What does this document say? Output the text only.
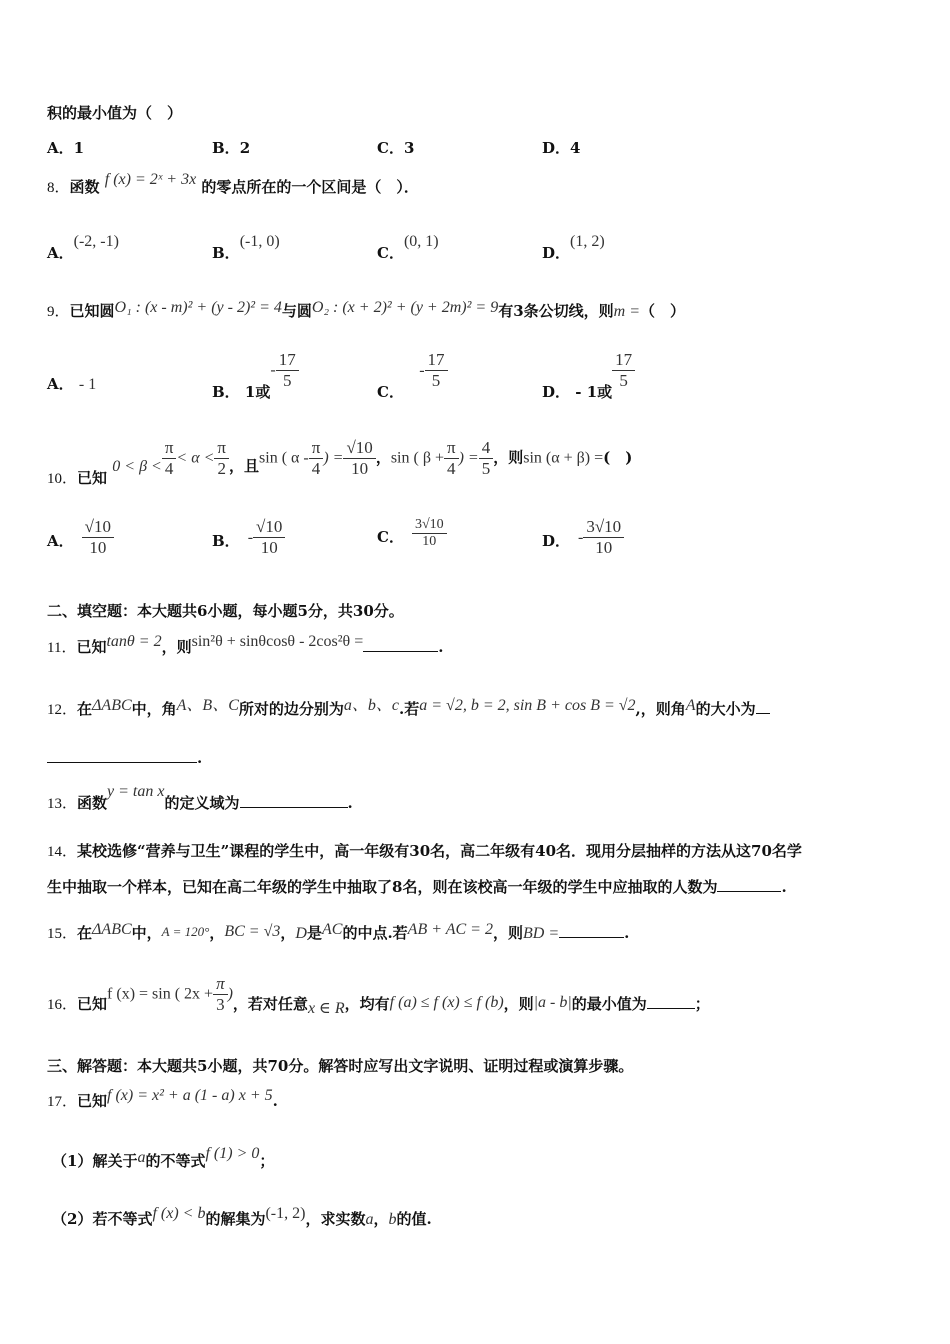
积的最小值为（　）
A．1	B．2	C．3	D．4
8．函数 f (x) = 2ˣ + 3x 的零点所在的一个区间是（　）．
A．(-2, -1)
B．(-1, 0)
C．(0, 1)
D．(1, 2)
9．已知圆O₁ : (x - m)² + (y - 2)² = 4与圆O₂ : (x + 2)² + (y + 2m)² = 9有3条公切线，则m =（　）
A． - 1	B． 1或- $\frac{17}{5}$
C． - $\frac{17}{5}$
D． - 1或
$\frac{17}{5}$
10．已知 $0 < \beta < \frac{\pi}{4} < \alpha < \frac{\pi}{2}$ ，且sin ( α - $\frac{\pi}{4}$ ) = $\frac{√10}{10}$ ，sin ( $\beta + \frac{\pi}{4}$ ) = $\frac{4}{5}$ ，则sin (α + β) =(　)
A． $\frac{√10}{10}$	B． - $\frac{√10}{10}$	C． $\frac{3√10}{10}$	D． - $\frac{3√10}{10}$
二、填空题：本大题共6小题，每小题5分，共30分。
11．已知tanθ = 2，则sin²θ + sinθcosθ - 2cos²θ =	.
12．在ΔABC中，角A、B、C所对的边分别为a、b、c.若a = √2, b = 2, sin B + cos B = √2,，则角A的大小为
.
13．函数y = tan x的定义域为	.
14．某校选修“营养与卫生”课程的学生中，高一年级有30名，高二年级有40名．现用分层抽样的方法从这70名学
生中抽取一个样本，已知在高二年级的学生中抽取了8名，则在该校高一年级的学生中应抽取的人数为	.
15．在ΔABC中，A = 120°，BC = √3，D是AC的中点.若AB + AC = 2，则BD =	.
16．已知f (x) = sin ( $2x + \frac{\pi}{3}$ )，若对任意x ∈ R，均有f (a) ≤ f (x) ≤ f (b)，则|a - b|的最小值为	；
三、解答题：本大题共5小题，共70分。解答时应写出文字说明、证明过程或演算步骤。
17．已知f (x) = x² + a (1 - a) x + 5.
（1）解关于a的不等式f (1) > 0；
（2）若不等式f (x) < b的解集为(-1, 2)，求实数a，b的值.
